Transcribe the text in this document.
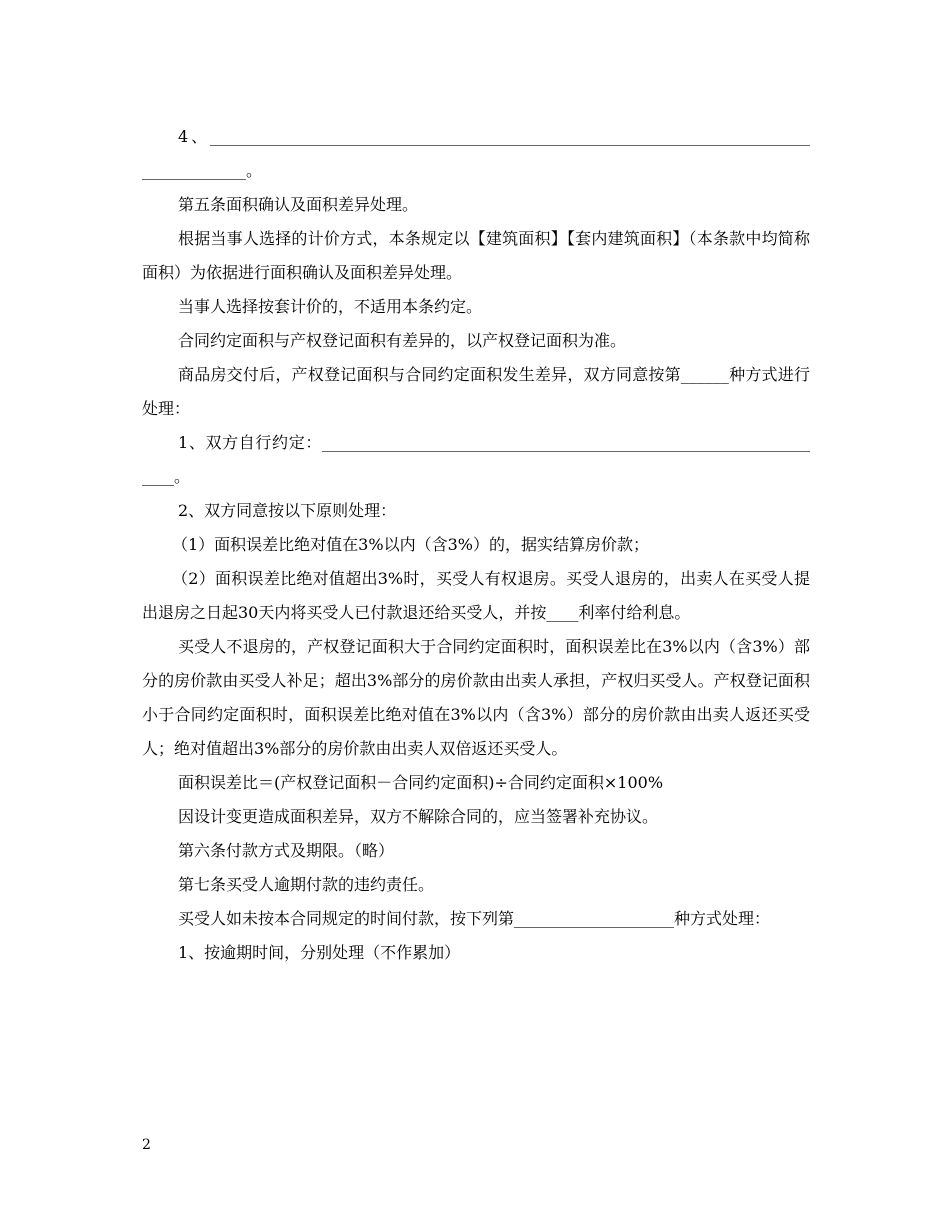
4、________________________________________________________________________________________。

第五条面积确认及面积差异处理。

根据当事人选择的计价方式，本条规定以【建筑面积】【套内建筑面积】（本条款中均简称面积）为依据进行面积确认及面积差异处理。

当事人选择按套计价的，不适用本条约定。

合同约定面积与产权登记面积有差异的，以产权登记面积为准。

商品房交付后，产权登记面积与合同约定面积发生差异，双方同意按第______种方式进行处理：

1、双方自行约定：_________________________________________________________________。

2、双方同意按以下原则处理：

（1）面积误差比绝对值在3%以内（含3%）的，据实结算房价款；

（2）面积误差比绝对值超出3%时，买受人有权退房。买受人退房的，出卖人在买受人提出退房之日起30天内将买受人已付款退还给买受人，并按____利率付给利息。

买受人不退房的，产权登记面积大于合同约定面积时，面积误差比在3%以内（含3%）部分的房价款由买受人补足；超出3%部分的房价款由出卖人承担，产权归买受人。产权登记面积小于合同约定面积时，面积误差比绝对值在3%以内（含3%）部分的房价款由出卖人返还买受人；绝对值超出3%部分的房价款由出卖人双倍返还买受人。

面积误差比＝(产权登记面积－合同约定面积)÷合同约定面积×100%

因设计变更造成面积差异，双方不解除合同的，应当签署补充协议。

第六条付款方式及期限。（略）

第七条买受人逾期付款的违约责任。

买受人如未按本合同规定的时间付款，按下列第____________________种方式处理：

1、按逾期时间，分别处理（不作累加）

2
